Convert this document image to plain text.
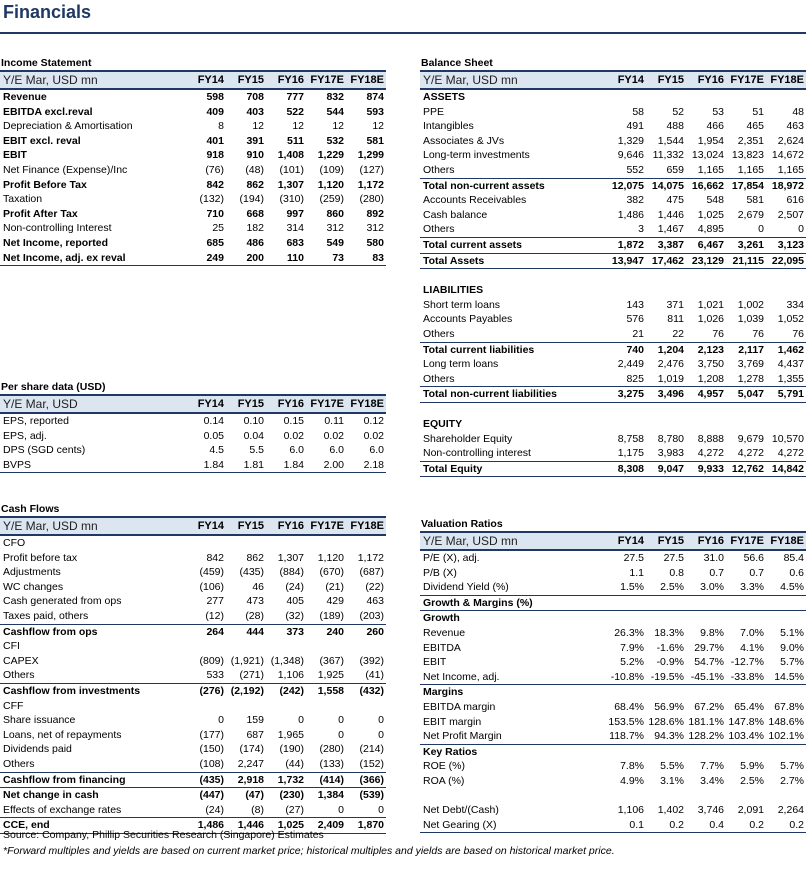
Financials
Income Statement
Y/E Mar, USD mn	FY14	FY15	FY16	FY17E	FY18E
Revenue	598	708	777	832	874
EBITDA excl.reval	409	403	522	544	593
Depreciation & Amortisation	8	12	12	12	12
EBIT excl. reval	401	391	511	532	581
EBIT	918	910	1,408	1,229	1,299
Net Finance (Expense)/Inc	(76)	(48)	(101)	(109)	(127)
Profit Before Tax	842	862	1,307	1,120	1,172
Taxation	(132)	(194)	(310)	(259)	(280)
Profit After Tax	710	668	997	860	892
Non-controlling Interest	25	182	314	312	312
Net Income, reported	685	486	683	549	580
Net Income, adj. ex reval	249	200	110	73	83
Per share data (USD)
Y/E Mar, USD	FY14	FY15	FY16	FY17E	FY18E
EPS, reported	0.14	0.10	0.15	0.11	0.12
EPS, adj.	0.05	0.04	0.02	0.02	0.02
DPS (SGD cents)	4.5	5.5	6.0	6.0	6.0
BVPS	1.84	1.81	1.84	2.00	2.18
Cash Flows
Y/E Mar, USD mn	FY14	FY15	FY16	FY17E	FY18E
CFO					
Profit before tax	842	862	1,307	1,120	1,172
Adjustments	(459)	(435)	(884)	(670)	(687)
WC changes	(106)	46	(24)	(21)	(22)
Cash generated from ops	277	473	405	429	463
Taxes paid, others	(12)	(28)	(32)	(189)	(203)
Cashflow from ops	264	444	373	240	260
CFI					
CAPEX	(809)	(1,921)	(1,348)	(367)	(392)
Others	533	(271)	1,106	1,925	(41)
Cashflow from investments	(276)	(2,192)	(242)	1,558	(432)
CFF					
Share issuance	0	159	0	0	0
Loans, net of repayments	(177)	687	1,965	0	0
Dividends paid	(150)	(174)	(190)	(280)	(214)
Others	(108)	2,247	(44)	(133)	(152)
Cashflow from financing	(435)	2,918	1,732	(414)	(366)
Net change in cash	(447)	(47)	(230)	1,384	(539)
Effects of exchange rates	(24)	(8)	(27)	0	0
CCE, end	1,486	1,446	1,025	2,409	1,870
Balance Sheet
Y/E Mar, USD mn	FY14	FY15	FY16	FY17E	FY18E
ASSETS					
PPE	58	52	53	51	48
Intangibles	491	488	466	465	463
Associates & JVs	1,329	1,544	1,954	2,351	2,624
Long-term investments	9,646	11,332	13,024	13,823	14,672
Others	552	659	1,165	1,165	1,165
Total non-current assets	12,075	14,075	16,662	17,854	18,972
Accounts Receivables	382	475	548	581	616
Cash balance	1,486	1,446	1,025	2,679	2,507
Others	3	1,467	4,895	0	0
Total current assets	1,872	3,387	6,467	3,261	3,123
Total Assets	13,947	17,462	23,129	21,115	22,095

LIABILITIES					
Short term loans	143	371	1,021	1,002	334
Accounts Payables	576	811	1,026	1,039	1,052
Others	21	22	76	76	76
Total current liabilities	740	1,204	2,123	2,117	1,462
Long term loans	2,449	2,476	3,750	3,769	4,437
Others	825	1,019	1,208	1,278	1,355
Total non-current liabilities	3,275	3,496	4,957	5,047	5,791

EQUITY					
Shareholder Equity	8,758	8,780	8,888	9,679	10,570
Non-controlling interest	1,175	3,983	4,272	4,272	4,272
Total Equity	8,308	9,047	9,933	12,762	14,842
Valuation Ratios
Y/E Mar, USD mn	FY14	FY15	FY16	FY17E	FY18E
P/E (X), adj.	27.5	27.5	31.0	56.6	85.4
P/B (X)	1.1	0.8	0.7	0.7	0.6
Dividend Yield (%)	1.5%	2.5%	3.0%	3.3%	4.5%
Growth & Margins (%)					
Growth					
Revenue	26.3%	18.3%	9.8%	7.0%	5.1%
EBITDA	7.9%	-1.6%	29.7%	4.1%	9.0%
EBIT	5.2%	-0.9%	54.7%	-12.7%	5.7%
Net Income, adj.	-10.8%	-19.5%	-45.1%	-33.8%	14.5%
Margins					
EBITDA margin	68.4%	56.9%	67.2%	65.4%	67.8%
EBIT margin	153.5%	128.6%	181.1%	147.8%	148.6%
Net Profit Margin	118.7%	94.3%	128.2%	103.4%	102.1%
Key Ratios					
ROE (%)	7.8%	5.5%	7.7%	5.9%	5.7%
ROA (%)	4.9%	3.1%	3.4%	2.5%	2.7%

Net Debt/(Cash)	1,106	1,402	3,746	2,091	2,264
Net Gearing (X)	0.1	0.2	0.4	0.2	0.2
Source: Company, Phillip Securities Research (Singapore) Estimates
*Forward multiples and yields are based on current market price; historical multiples and yields are based on historical market price.
